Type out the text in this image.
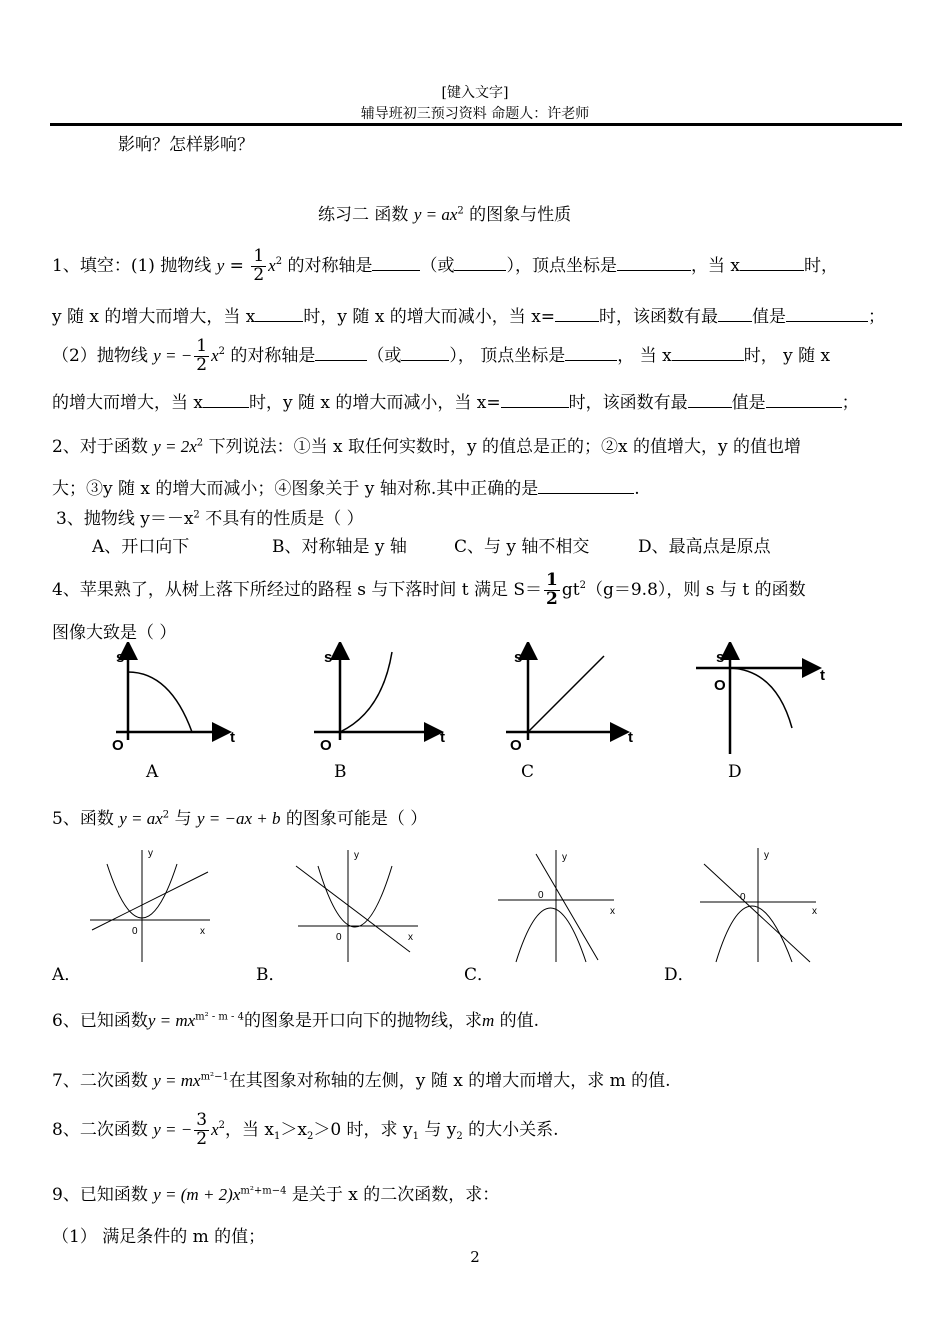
[键入文字]
辅导班初三预习资料 命题人：许老师
影响？怎样影响？
练习二 函数 $y = ax^2$ 的图象与性质
1、填空：(1) 抛物线 $y = \frac{1}{2} x^2$ 的对称轴是	（或	），顶点坐标是	，当 x	时，
y 随 x 的增大而增大，当 x	时，y 随 x 的增大而减小，当 x=	时，该函数有最 值是	；
（2）抛物线 y = − $\frac{1}{2} x^2$ 的对称轴是	（或	）， 顶点坐标是	， 当 x	时， y 随 x
的增大而增大，当 x	时，y 随 x 的增大而减小，当 x=	时，该函数有最	值是	；
2、对于函数 $y = 2x^2$ 下列说法：①当 x 取任何实数时，y 的值总是正的；②x 的值增大，y 的值也增
大；③y 随 x 的增大而减小；④图象关于 y 轴对称.其中正确的是	.
3、抛物线 $y=-x^2$ 不具有的性质是（ ）
A、开口向下	B、对称轴是 y 轴	C、与 y 轴不相交	D、最高点是原点
4、苹果熟了，从树上落下所经过的路程 s 与下落时间 t 满足 $S= \frac{1}{2} gt^2(g=9.8)$，则 s 与 t 的函数
图像大致是（ ）
s
t
O
s
t
O
s
t
O
s
t
O
A	B	C	D
5、函数 $y = ax^2$ 与 y = −ax + b 的图象可能是（ ）
y
x
0
y
x
0
y
x
0
y
x
0
A．	B．	C．	D．
6、已知函数$y = mx^{m^2 - m - 4}$的图象是开口向下的抛物线，求m 的值.
7、二次函数 $y = mx^{m^2-1}$在其图象对称轴的左侧，y 随 x 的增大而增大，求 m 的值.
8、二次函数 y = − $\frac{3}{2} x^2$，当 $x_1>x_2>0$ 时，求 $y_1$ 与 $y_2$ 的大小关系.
9、已知函数 $y = (m + 2)x^{m^2+m-4}$ 是关于 x 的二次函数，求：
（1） 满足条件的 m 的值；
2
